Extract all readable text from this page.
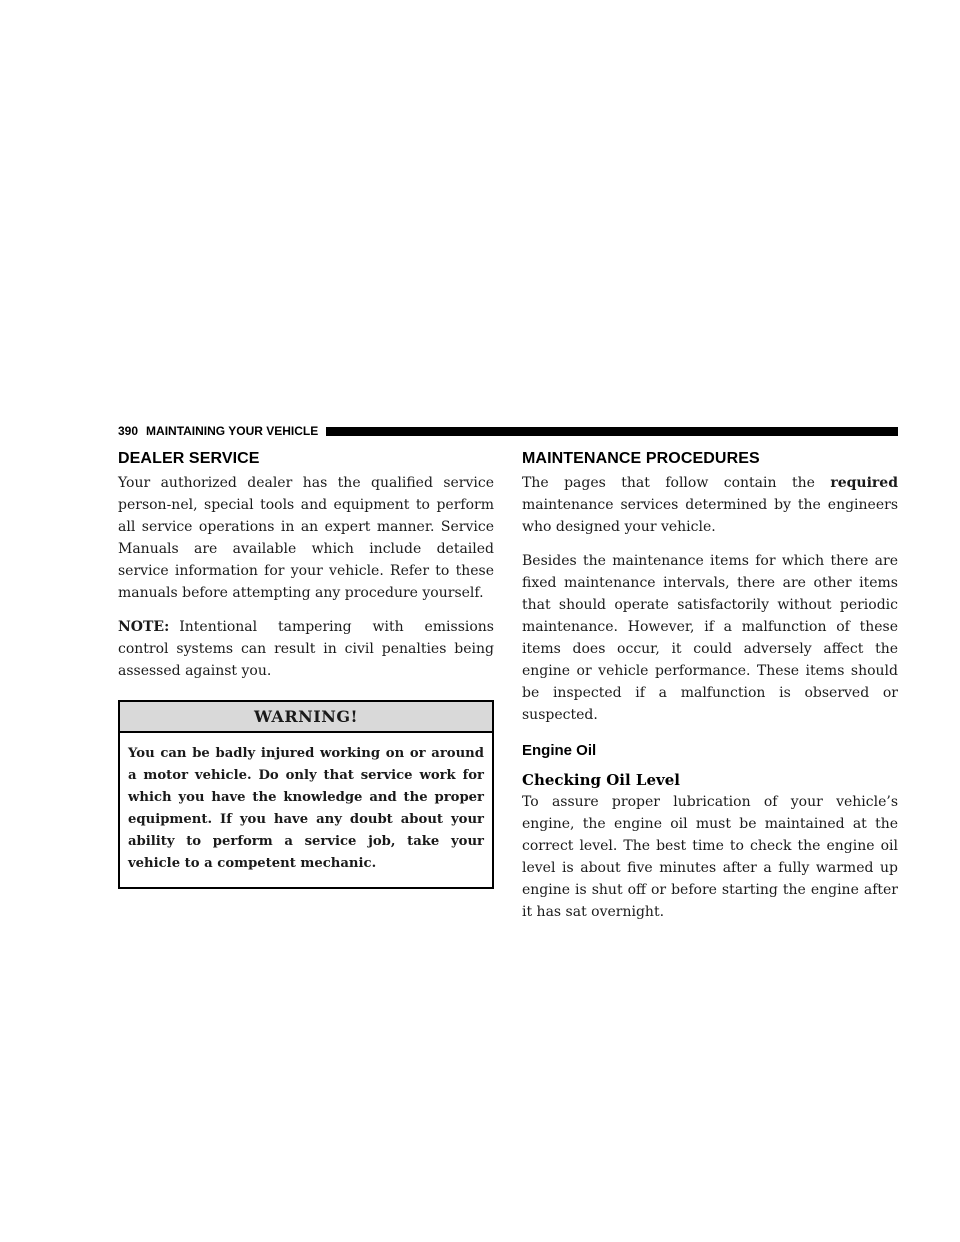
390 MAINTAINING YOUR VEHICLE
DEALER SERVICE

Your authorized dealer has the qualified service person-nel, special tools and equipment to perform all service operations in an expert manner. Service Manuals are available which include detailed service information for your vehicle. Refer to these manuals before attempting any procedure yourself.

NOTE: Intentional tampering with emissions control systems can result in civil penalties being assessed against you.

WARNING!
You can be badly injured working on or around a motor vehicle. Do only that service work for which you have the knowledge and the proper equipment. If you have any doubt about your ability to perform a service job, take your vehicle to a competent mechanic.
MAINTENANCE PROCEDURES

The pages that follow contain the required maintenance services determined by the engineers who designed your vehicle.

Besides the maintenance items for which there are fixed maintenance intervals, there are other items that should operate satisfactorily without periodic maintenance. However, if a malfunction of these items does occur, it could adversely affect the engine or vehicle performance. These items should be inspected if a malfunction is observed or suspected.

Engine Oil
Checking Oil Level

To assure proper lubrication of your vehicle’s engine, the engine oil must be maintained at the correct level. The best time to check the engine oil level is about five minutes after a fully warmed up engine is shut off or before starting the engine after it has sat overnight.
